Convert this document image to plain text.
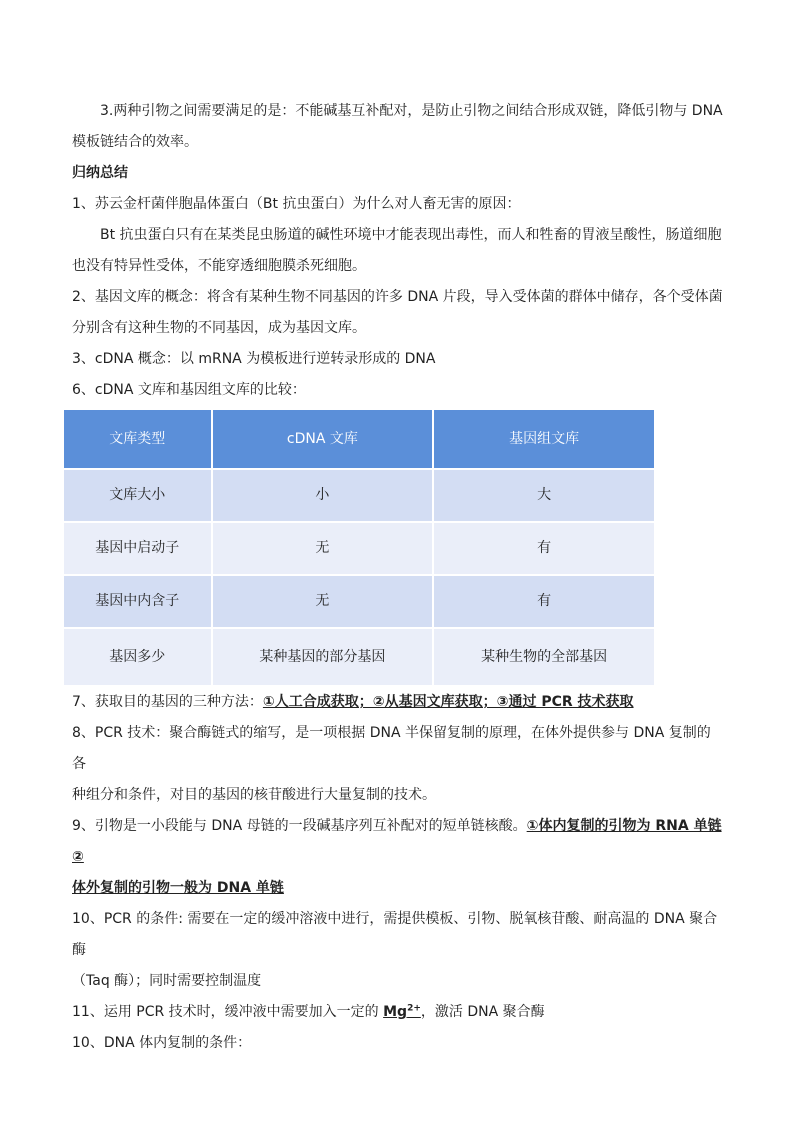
3.两种引物之间需要满足的是：不能碱基互补配对，是防止引物之间结合形成双链，降低引物与 DNA

模板链结合的效率。

归纳总结

1、苏云金杆菌伴胞晶体蛋白（Bt 抗虫蛋白）为什么对人畜无害的原因：

Bt 抗虫蛋白只有在某类昆虫肠道的碱性环境中才能表现出毒性，而人和牲畜的胃液呈酸性，肠道细胞

也没有特异性受体，不能穿透细胞膜杀死细胞。

2、基因文库的概念：将含有某种生物不同基因的许多 DNA 片段，导入受体菌的群体中储存，各个受体菌

分别含有这种生物的不同基因，成为基因文库。

3、cDNA 概念：以 mRNA 为模板进行逆转录形成的 DNA

6、cDNA 文库和基因组文库的比较：

文库类型	cDNA 文库	基因组文库
文库大小	小	大
基因中启动子	无	有
基因中内含子	无	有
基因多少	某种基因的部分基因	某种生物的全部基因

7、获取目的基因的三种方法：①人工合成获取；②从基因文库获取；③通过 PCR 技术获取

8、PCR 技术：聚合酶链式的缩写，是一项根据 DNA 半保留复制的原理，在体外提供参与 DNA 复制的各

种组分和条件，对目的基因的核苷酸进行大量复制的技术。

9、引物是一小段能与 DNA 母链的一段碱基序列互补配对的短单链核酸。①体内复制的引物为 RNA 单链 ②

体外复制的引物一般为 DNA 单链

10、PCR 的条件: 需要在一定的缓冲溶液中进行，需提供模板、引物、脱氧核苷酸、耐高温的 DNA 聚合酶

（Taq 酶）；同时需要控制温度

11、运用 PCR 技术时，缓冲液中需要加入一定的 $Mg^{2+}$，激活 DNA 聚合酶

10、DNA 体内复制的条件：
